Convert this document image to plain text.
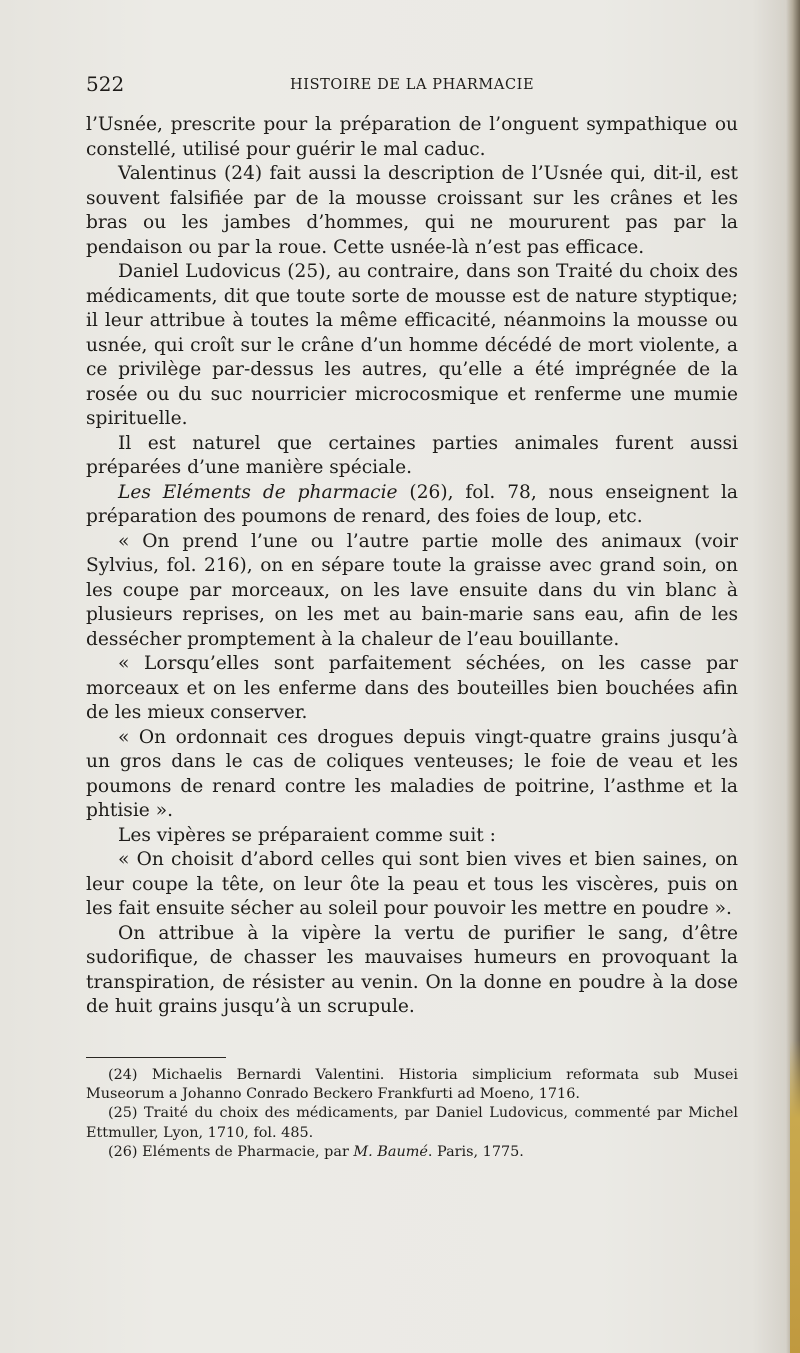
522	HISTOIRE DE LA PHARMACIE

l’Usnée, prescrite pour la préparation de l’onguent sympathique ou constellé, utilisé pour guérir le mal caduc.

Valentinus (24) fait aussi la description de l’Usnée qui, dit-il, est souvent falsifiée par de la mousse croissant sur les crânes et les bras ou les jambes d’hommes, qui ne moururent pas par la pendaison ou par la roue. Cette usnée-là n’est pas efficace.

Daniel Ludovicus (25), au contraire, dans son Traité du choix des médicaments, dit que toute sorte de mousse est de nature styptique; il leur attribue à toutes la même efficacité, néanmoins la mousse ou usnée, qui croît sur le crâne d’un homme décédé de mort violente, a ce privilège par-dessus les autres, qu’elle a été imprégnée de la rosée ou du suc nourricier microcosmique et renferme une mumie spirituelle.

Il est naturel que certaines parties animales furent aussi préparées d’une manière spéciale.

Les Eléments de pharmacie (26), fol. 78, nous enseignent la préparation des poumons de renard, des foies de loup, etc.

« On prend l’une ou l’autre partie molle des animaux (voir Sylvius, fol. 216), on en sépare toute la graisse avec grand soin, on les coupe par morceaux, on les lave ensuite dans du vin blanc à plusieurs reprises, on les met au bain-marie sans eau, afin de les dessécher promptement à la chaleur de l’eau bouillante.

« Lorsqu’elles sont parfaitement séchées, on les casse par morceaux et on les enferme dans des bouteilles bien bouchées afin de les mieux conserver.

« On ordonnait ces drogues depuis vingt-quatre grains jusqu’à un gros dans le cas de coliques venteuses; le foie de veau et les poumons de renard contre les maladies de poitrine, l’asthme et la phtisie ».

Les vipères se préparaient comme suit :

« On choisit d’abord celles qui sont bien vives et bien saines, on leur coupe la tête, on leur ôte la peau et tous les viscères, puis on les fait ensuite sécher au soleil pour pouvoir les mettre en poudre ».

On attribue à la vipère la vertu de purifier le sang, d’être sudorifique, de chasser les mauvaises humeurs en provoquant la transpiration, de résister au venin. On la donne en poudre à la dose de huit grains jusqu’à un scrupule.

(24) Michaelis Bernardi Valentini. Historia simplicium reformata sub Musei Museorum a Johanno Conrado Beckero Frankfurti ad Moeno, 1716.

(25) Traité du choix des médicaments, par Daniel Ludovicus, commenté par Michel Ettmuller, Lyon, 1710, fol. 485.

(26) Eléments de Pharmacie, par M. Baumé. Paris, 1775.
